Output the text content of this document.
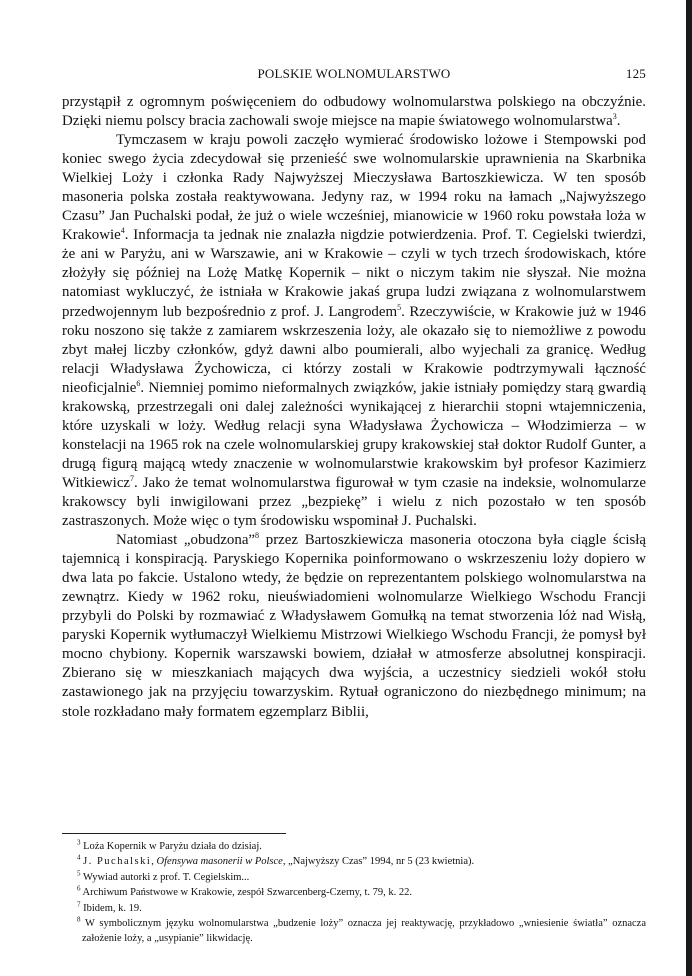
POLSKIE WOLNOMULARSTWO	125

przystąpił z ogromnym poświęceniem do odbudowy wolnomularstwa polskiego na obczyźnie. Dzięki niemu polscy bracia zachowali swoje miejsce na mapie światowego wolnomularstwa$^3$.

Tymczasem w kraju powoli zaczęło wymierać środowisko lożowe i Stempowski pod koniec swego życia zdecydował się przenieść swe wolnomularskie uprawnienia na Skarbnika Wielkiej Loży i członka Rady Najwyższej Mieczysława Bartoszkiewicza. W ten sposób masoneria polska została reaktywowana. Jedyny raz, w 1994 roku na łamach „Najwyższego Czasu” Jan Puchalski podał, że już o wiele wcześniej, mianowicie w 1960 roku powstała loża w Krakowie$^4$. Informacja ta jednak nie znalazła nigdzie potwierdzenia. Prof. T. Cegielski twierdzi, że ani w Paryżu, ani w Warszawie, ani w Krakowie – czyli w tych trzech środowiskach, które złożyły się później na Lożę Matkę Kopernik – nikt o niczym takim nie słyszał. Nie można natomiast wykluczyć, że istniała w Krakowie jakaś grupa ludzi związana z wolnomularstwem przedwojennym lub bezpośrednio z prof. J. Langrodem$^5$. Rzeczywiście, w Krakowie już w 1946 roku noszono się także z zamiarem wskrzeszenia loży, ale okazało się to niemożliwe z powodu zbyt małej liczby członków, gdyż dawni albo poumierali, albo wyjechali za granicę. Według relacji Władysława Żychowicza, ci którzy zostali w Krakowie podtrzymywali łączność nieoficjalnie$^6$. Niemniej pomimo nieformalnych związków, jakie istniały pomiędzy starą gwardią krakowską, przestrzegali oni dalej zależności wynikającej z hierarchii stopni wtajemniczenia, które uzyskali w loży. Według relacji syna Władysława Żychowicza – Włodzimierza – w konstelacji na 1965 rok na czele wolnomularskiej grupy krakowskiej stał doktor Rudolf Gunter, a drugą figurą mającą wtedy znaczenie w wolnomularstwie krakowskim był profesor Kazimierz Witkiewicz$^7$. Jako że temat wolnomularstwa figurował w tym czasie na indeksie, wolnomularze krakowscy byli inwigilowani przez „bezpiekę” i wielu z nich pozostało w ten sposób zastraszonych. Może więc o tym środowisku wspominał J. Puchalski.

Natomiast „obudzona”$^8$ przez Bartoszkiewicza masoneria otoczona była ciągle ścisłą tajemnicą i konspiracją. Paryskiego Kopernika poinformowano o wskrzeszeniu loży dopiero w dwa lata po fakcie. Ustalono wtedy, że będzie on reprezentantem polskiego wolnomularstwa na zewnątrz. Kiedy w 1962 roku, nieuświadomieni wolnomularze Wielkiego Wschodu Francji przybyli do Polski by rozmawiać z Władysławem Gomułką na temat stworzenia lóż nad Wisłą, paryski Kopernik wytłumaczył Wielkiemu Mistrzowi Wielkiego Wschodu Francji, że pomysł był mocno chybiony. Kopernik warszawski bowiem, działał w atmosferze absolutnej konspiracji. Zbierano się w mieszkaniach mających dwa wyjścia, a uczestnicy siedzieli wokół stołu zastawionego jak na przyjęciu towarzyskim. Rytuał ograniczono do niezbędnego minimum; na stole rozkładano mały formatem egzemplarz Biblii,

$^3$ Loża Kopernik w Paryżu działa do dzisiaj.

$^4$ J. Puchalski, Ofensywa masonerii w Polsce, „Najwyższy Czas” 1994, nr 5 (23 kwietnia).

$^5$ Wywiad autorki z prof. T. Cegielskim...

$^6$ Archiwum Państwowe w Krakowie, zespół Szwarcenberg-Czerny, t. 79, k. 22.

$^7$ Ibidem, k. 19.

$^8$ W symbolicznym języku wolnomularstwa „budzenie loży” oznacza jej reaktywację, przykładowo „wniesienie światła” oznacza założenie loży, a „usypianie” likwidację.
